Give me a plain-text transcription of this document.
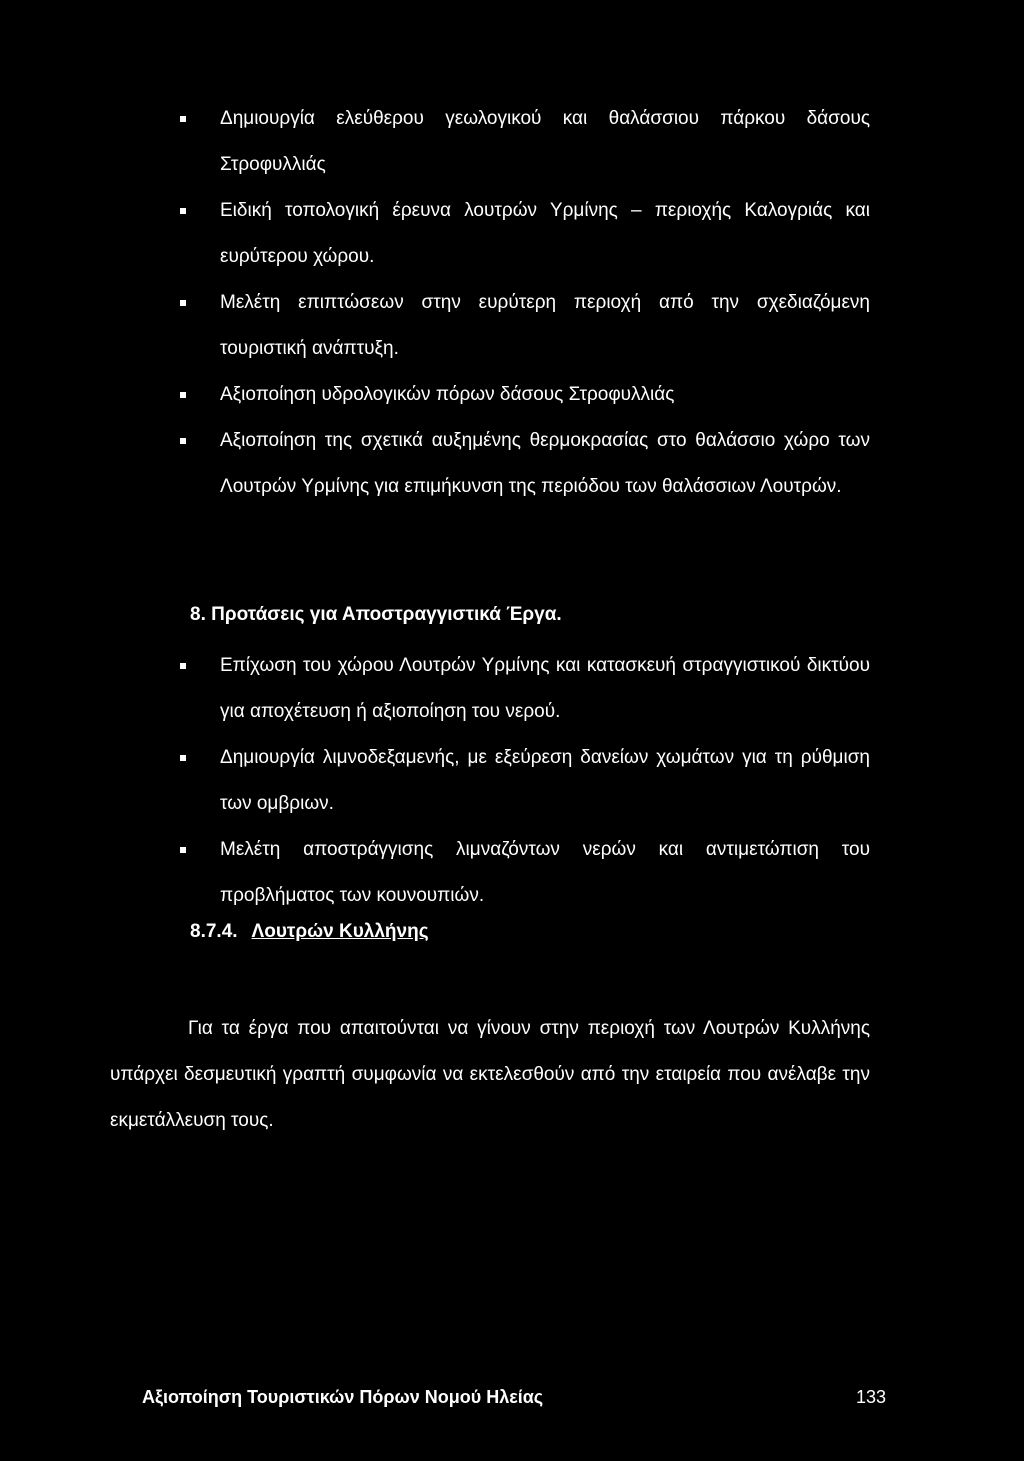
Δημιουργία ελεύθερου γεωλογικού και θαλάσσιου πάρκου δάσους Στροφυλλιάς
Ειδική τοπολογική έρευνα λουτρών Υρμίνης – περιοχής Καλογριάς και ευρύτερου χώρου.
Μελέτη επιπτώσεων στην ευρύτερη περιοχή από την σχεδιαζόμενη τουριστική ανάπτυξη.
Αξιοποίηση υδρολογικών πόρων δάσους Στροφυλλιάς
Αξιοποίηση της σχετικά αυξημένης θερμοκρασίας στο θαλάσσιο χώρο των Λουτρών Υρμίνης για επιμήκυνση της περιόδου των θαλάσσιων Λουτρών.
8. Προτάσεις για Αποστραγγιστικά Έργα.
Επίχωση του χώρου Λουτρών Υρμίνης και κατασκευή στραγγιστικού δικτύου για αποχέτευση ή αξιοποίηση του νερού.
Δημιουργία λιμνοδεξαμενής, με εξεύρεση δανείων χωμάτων για τη ρύθμιση των ομβριων.
Μελέτη αποστράγγισης λιμναζόντων νερών και αντιμετώπιση του προβλήματος των κουνουπιών.
8.7.4. Λουτρών Κυλλήνης

Για τα έργα που απαιτούνται να γίνουν στην περιοχή των Λουτρών Κυλλήνης υπάρχει δεσμευτική γραπτή συμφωνία να εκτελεσθούν από την εταιρεία που ανέλαβε την εκμετάλλευση τους.

Αξιοποίηση Τουριστικών Πόρων Νομού Ηλείας	133
